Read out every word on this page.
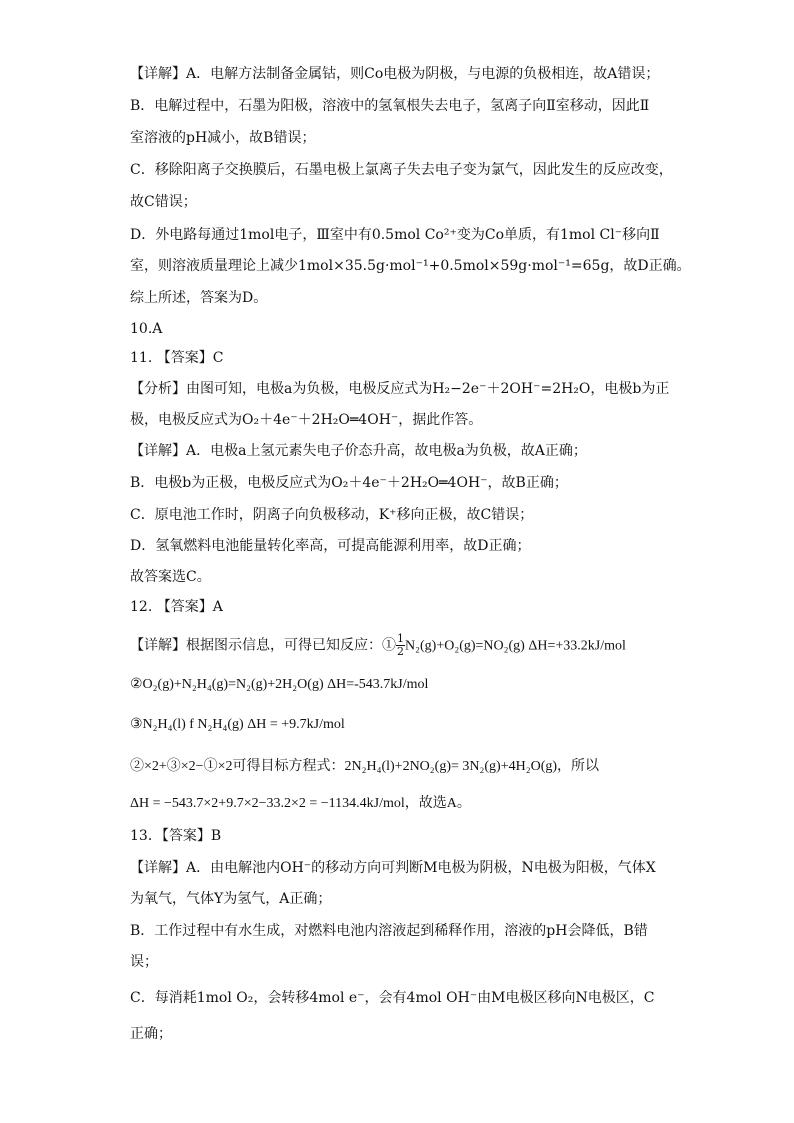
【详解】A．电解方法制备金属钴，则Co电极为阴极，与电源的负极相连，故A错误；
B．电解过程中，石墨为阳极，溶液中的氢氧根失去电子，氢离子向Ⅱ室移动，因此Ⅱ
室溶液的pH减小，故B错误；
C．移除阳离子交换膜后，石墨电极上氯离子失去电子变为氯气，因此发生的反应改变，
故C错误；
D．外电路每通过1mol电子，Ⅲ室中有0.5mol Co²⁺变为Co单质，有1mol Cl⁻移向Ⅱ
室，则溶液质量理论上减少1mol×35.5g·mol⁻¹+0.5mol×59g·mol⁻¹=65g，故D正确。
综上所述，答案为D。
10.A
11. 【答案】C
【分析】由图可知，电极a为负极，电极反应式为H₂−2e⁻＋2OH⁻=2H₂O，电极b为正
极，电极反应式为O₂＋4e⁻＋2H₂O═4OH⁻，据此作答。
【详解】A．电极a上氢元素失电子价态升高，故电极a为负极，故A正确；
B．电极b为正极，电极反应式为O₂＋4e⁻＋2H₂O═4OH⁻，故B正确；
C．原电池工作时，阴离子向负极移动，K⁺移向正极，故C错误；
D．氢氧燃料电池能量转化率高，可提高能源利用率，故D正确；
故答案选C。
12. 【答案】A
【详解】根据图示信息，可得已知反应：① $\frac{1}{2} N_2(g)+O_2(g)=NO_2(g)$ ΔH=+33.2kJ/mol
②O₂(g)+N₂H₄(g)=N₂(g)+2H₂O(g) ΔH=-543.7kJ/mol
③N₂H₄(l) f N₂H₄(g) ΔH = +9.7kJ/mol
②×2+③×2−①×2可得目标方程式：2N₂H₄(l)+2NO₂(g)= 3N₂(g)+4H₂O(g)，所以
ΔH = −543.7×2+9.7×2−33.2×2 = −1134.4kJ/mol，故选A。
13．【答案】B
【详解】A．由电解池内OH⁻的移动方向可判断M电极为阴极，N电极为阳极，气体X
为氧气，气体Y为氢气，A正确；
B．工作过程中有水生成，对燃料电池内溶液起到稀释作用，溶液的pH会降低，B错
误；
C．每消耗1mol O₂，会转移4mol e⁻，会有4mol OH⁻由M电极区移向N电极区，C
正确；
